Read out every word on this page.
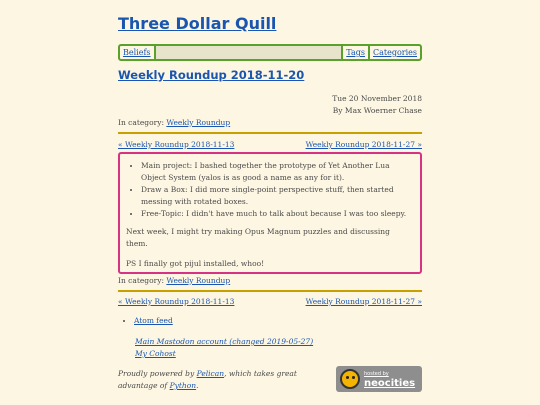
Three Dollar Quill
Beliefs	Tags	Categories
Weekly Roundup 2018-11-20
Tue 20 November 2018
By Max Woerner Chase
In category: Weekly Roundup
« Weekly Roundup 2018-11-13	Weekly Roundup 2018-11-27 »
• Main project: I bashed together the prototype of Yet Another Lua Object System (yalos is as good a name as any for it).
• Draw a Box: I did more single-point perspective stuff, then started messing with rotated boxes.
• Free-Topic: I didn't have much to talk about because I was too sleepy.

Next week, I might try making Opus Magnum puzzles and discussing them.

PS I finally got pijul installed, whoo!

In category: Weekly Roundup
« Weekly Roundup 2018-11-13	Weekly Roundup 2018-11-27 »
• Atom feed
Main Mastodon account (changed 2019-05-27)
My Cohost
Proudly powered by Pelican, which takes great advantage of Python.
hosted by
neocities
